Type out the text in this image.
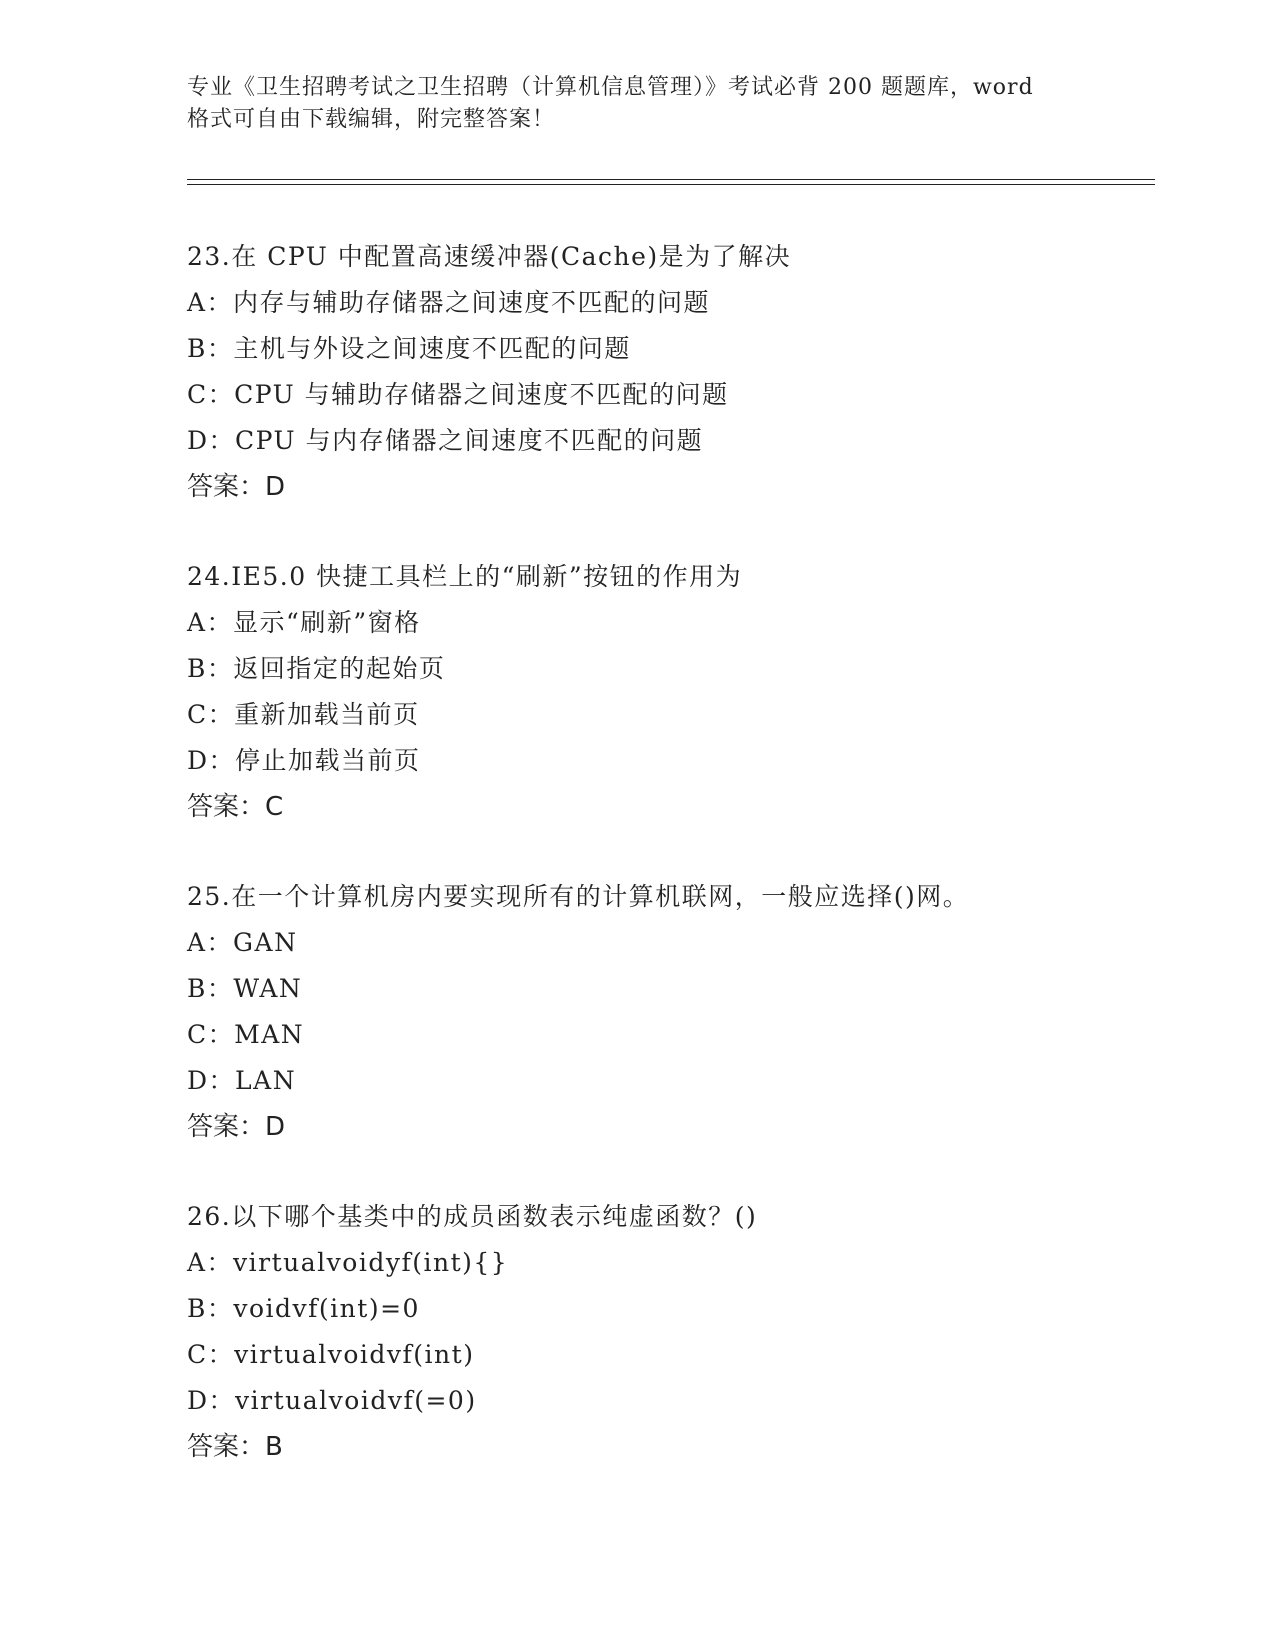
专业《卫生招聘考试之卫生招聘（计算机信息管理）》考试必背 200 题题库，word
格式可自由下载编辑，附完整答案！
23.在 CPU 中配置高速缓冲器(Cache)是为了解决
A：内存与辅助存储器之间速度不匹配的问题
B：主机与外设之间速度不匹配的问题
C：CPU 与辅助存储器之间速度不匹配的问题
D：CPU 与内存储器之间速度不匹配的问题
答案：D
24.IE5.0 快捷工具栏上的“刷新”按钮的作用为
A：显示“刷新”窗格
B：返回指定的起始页
C：重新加载当前页
D：停止加载当前页
答案：C
25.在一个计算机房内要实现所有的计算机联网，一般应选择()网。
A：GAN
B：WAN
C：MAN
D：LAN
答案：D
26.以下哪个基类中的成员函数表示纯虚函数？()
A：virtualvoidyf(int){}
B：voidvf(int)=0
C：virtualvoidvf(int)
D：virtualvoidvf(=0)
答案：B
